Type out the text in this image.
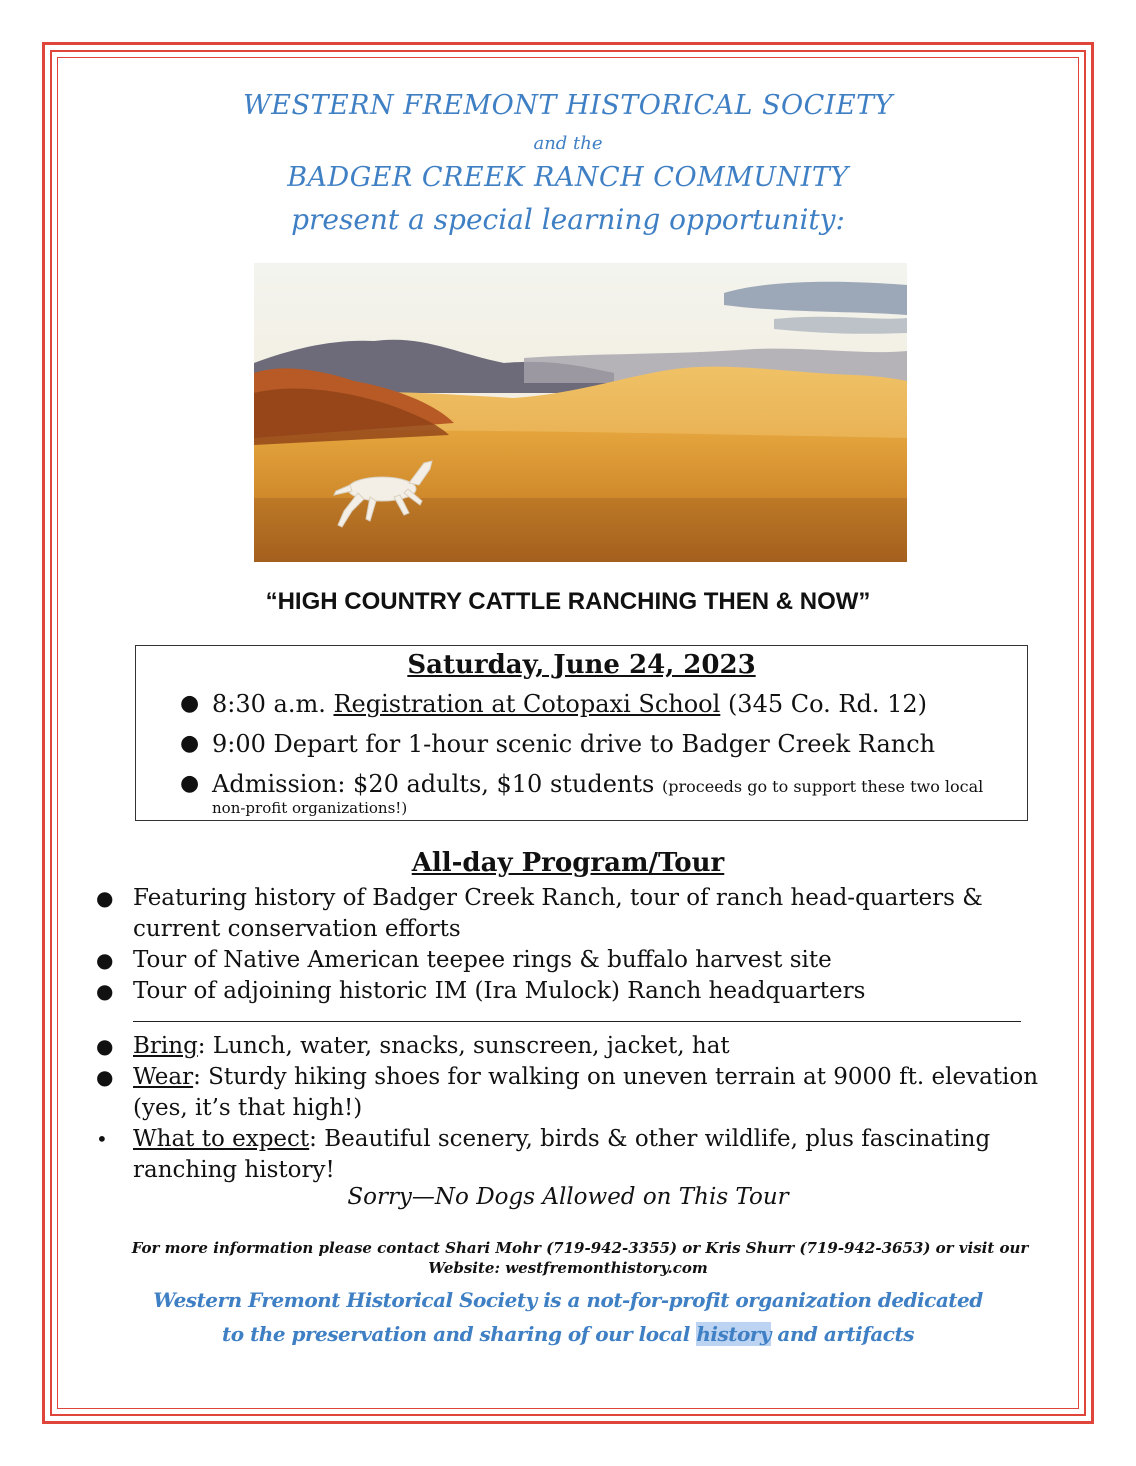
WESTERN FREMONT HISTORICAL SOCIETY
and the
BADGER CREEK RANCH COMMUNITY
present a special learning opportunity:
“HIGH COUNTRY CATTLE RANCHING THEN & NOW”
Saturday, June 24, 2023
● 8:30 a.m. Registration at Cotopaxi School (345 Co. Rd. 12)
● 9:00 Depart for 1-hour scenic drive to Badger Creek Ranch
● Admission: $20 adults, $10 students (proceeds go to support these two local
non-profit organizations!)
All-day Program/Tour
● Featuring history of Badger Creek Ranch, tour of ranch head-quarters & current conservation efforts
● Tour of Native American teepee rings & buffalo harvest site
● Tour of adjoining historic IM (Ira Mulock) Ranch headquarters
● Bring: Lunch, water, snacks, sunscreen, jacket, hat
● Wear: Sturdy hiking shoes for walking on uneven terrain at 9000 ft. elevation (yes, it’s that high!)
• What to expect: Beautiful scenery, birds & other wildlife, plus fascinating ranching history!
Sorry—No Dogs Allowed on This Tour
For more information please contact Shari Mohr (719-942-3355) or Kris Shurr (719-942-3653) or visit our
Website: westfremonthistory.com
Western Fremont Historical Society is a not-for-profit organization dedicated
to the preservation and sharing of our local history and artifacts
